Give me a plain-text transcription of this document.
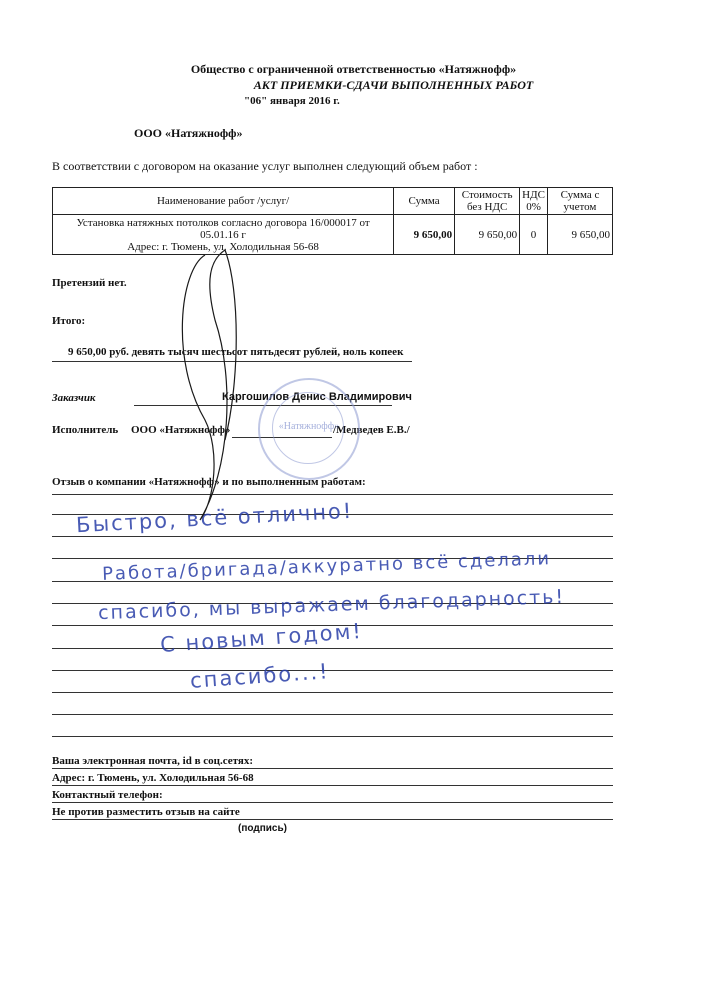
Общество с ограниченной ответственностью «Натяжнофф»
АКТ ПРИЕМКИ-СДАЧИ ВЫПОЛНЕННЫХ РАБОТ
"06" января 2016 г.
ООО «Натяжнофф»
В соответствии с договором на оказание услуг выполнен следующий объем работ :
Наименование работ /услуг/	Сумма	Стоимость без НДС	НДС 0%	Сумма с учетом

Установка натяжных потолков согласно договора 16/000017 от
05.01.16 г
Адрес: г. Тюмень, ул. Холодильная 56-68	9 650,00	9 650,00	0	9 650,00
Претензий нет.
Итого:
9 650,00 руб. девять тысяч шестьсот пятьдесят рублей, ноль копеек
Заказчик	Каргошилов Денис Владимирович
Исполнитель ООО «Натяжнофф»	/Медведев Е.В./
«Натяжнофф»
Отзыв о компании «Натяжнофф» и по выполненным работам:
Быстро, всё отлично!
Работа/бригада/аккуратно всё сделали
спасибо, мы выражаем благодарность!
С новым годом!
спасибо...!
Ваша электронная почта, id в соц.сетях:
Адрес: г. Тюмень, ул. Холодильная 56-68
Контактный телефон:
Не против разместить отзыв на сайте
(подпись)
